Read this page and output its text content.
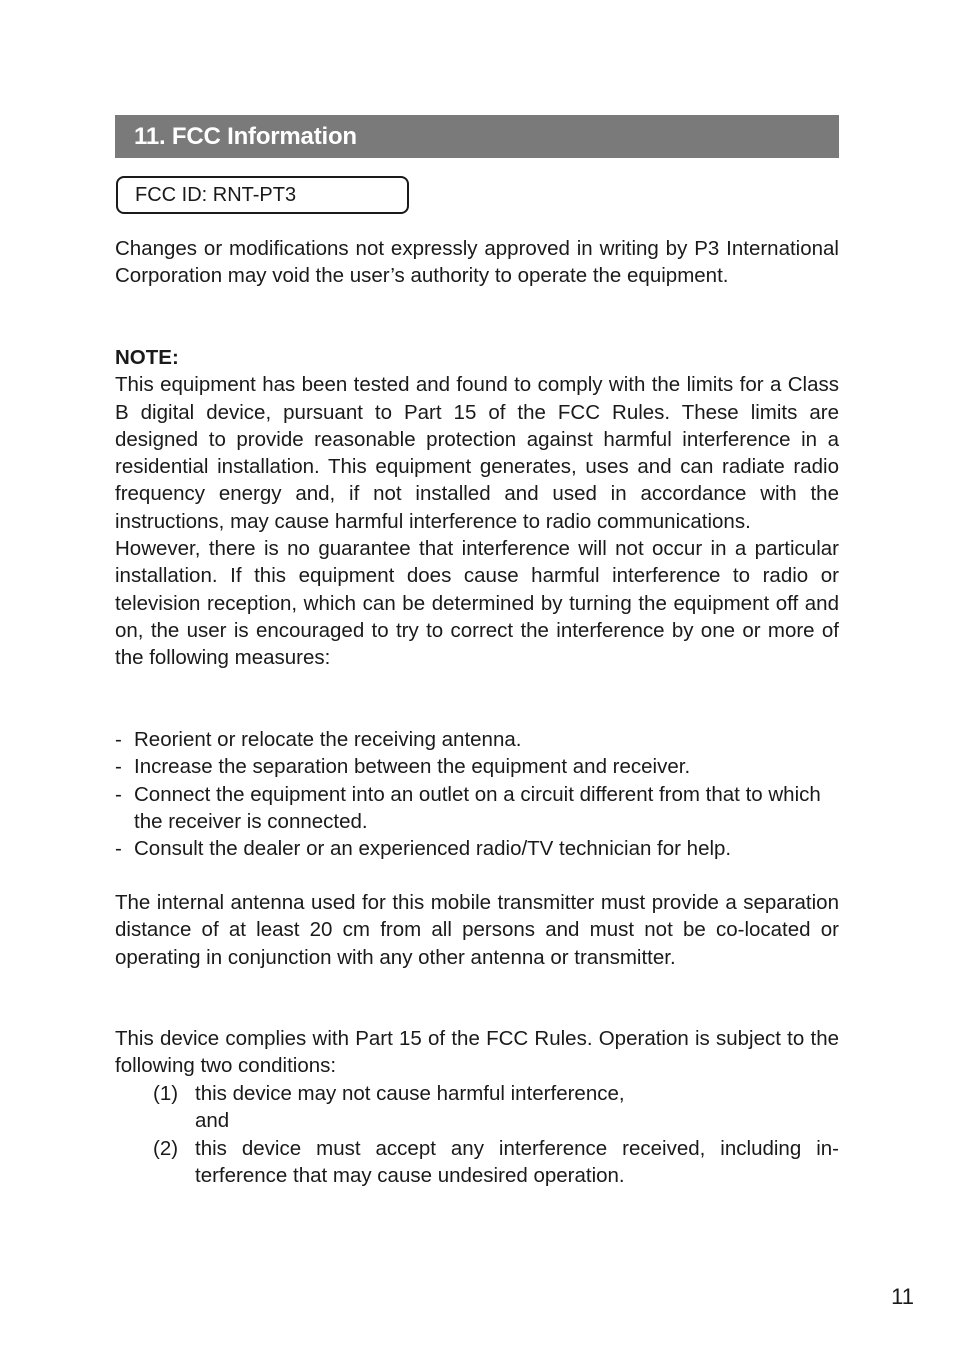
11. FCC Information
FCC ID: RNT-PT3

Changes or modifications not expressly approved in writing by P3 International Corporation may void the user’s authority to operate the equipment.

NOTE:

This equipment has been tested and found to comply with the limits for a Class B digital device, pursuant to Part 15 of the FCC Rules. These limits are designed to provide reasonable protection against harmful interference in a residential installation. This equipment generates, uses and can radiate radio frequency energy and, if not installed and used in accordance with the instructions, may cause harmful interference to radio communications.

However, there is no guarantee that interference will not occur in a particular installation. If this equipment does cause harmful interference to radio or television reception, which can be determined by turning the equipment off and on, the user is encouraged to try to correct the interference by one or more of the following measures:

- Reorient or relocate the receiving antenna.
- Increase the separation between the equipment and receiver.
- Connect the equipment into an outlet on a circuit different from that to which the receiver is connected.
- Consult the dealer or an experienced radio/TV technician for help.

The internal antenna used for this mobile transmitter must provide a separation distance of at least 20 cm from all persons and must not be co-located or operating in conjunction with any other antenna or transmitter.

This device complies with Part 15 of the FCC Rules. Operation is subject to the following two conditions:

(1) this device may not cause harmful interference,
and
(2) this device must accept any interference received, including interference that may cause undesired operation.
11
